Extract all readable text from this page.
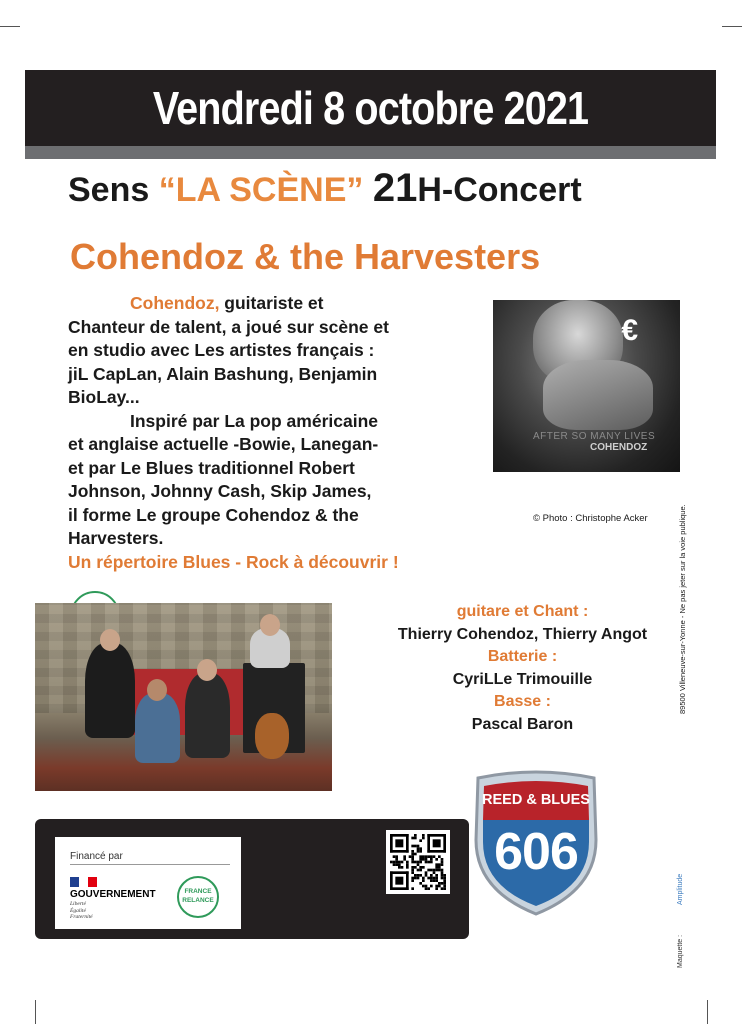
Vendredi 8 octobre 2021
Sens “LA SCÈNE” 21H-Concert
Cohendoz & the Harvesters

Cohendoz, guitariste et

Chanteur de talent, a joué sur scène et

en studio avec Les artistes français :

jiL CapLan, Alain Bashung, Benjamin

BioLay...

Inspiré par La pop américaine

et anglaise actuelle -Bowie, Lanegan-

et par Le Blues traditionnel Robert

Johnson, Johnny Cash, Skip James,

il forme Le groupe Cohendoz & the

Harvesters.

Un répertoire Blues - Rock à découvrir !

€
AFTER SO MANY LIVES
COHENDOZ
© Photo : Christophe Acker	89500 Villeneuve-sur-Yonne - Ne pas jeter sur la voie publique.
guitare et Chant :
Thierry Cohendoz, Thierry Angot
Batterie :
CyriLLe Trimouille
Basse :
Pascal Baron
Financé par
GOUVERNEMENT
Liberté
Égalité
Fraternité
FRANCE
RELANCE
REED & BLUES
606
Amplitude
Maquette :
